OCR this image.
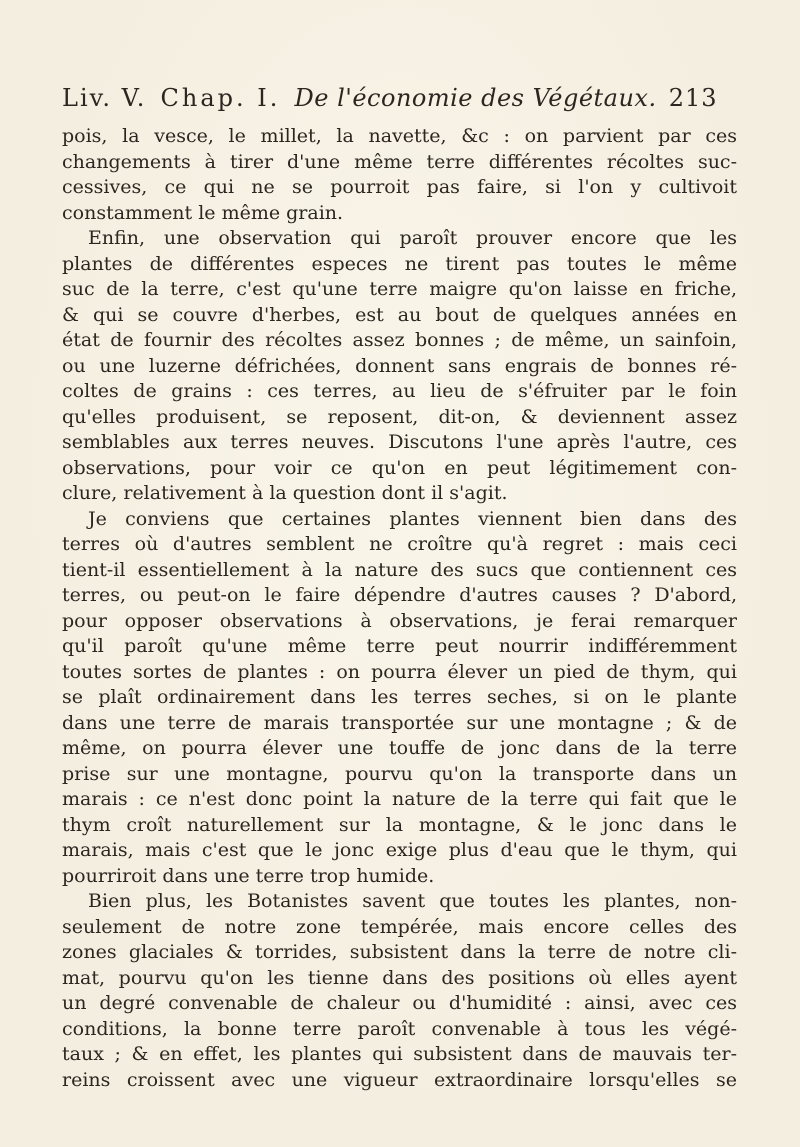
Liv. V. Chap. I. De l'économie des Végétaux. 213
pois, la vesce, le millet, la navette, &c : on parvient par ces
changements à tirer d'une même terre différentes récoltes suc-
cessives, ce qui ne se pourroit pas faire, si l'on y cultivoit
constamment le même grain.
Enfin, une observation qui paroît prouver encore que les
plantes de différentes especes ne tirent pas toutes le même
suc de la terre, c'est qu'une terre maigre qu'on laisse en friche,
& qui se couvre d'herbes, est au bout de quelques années en
état de fournir des récoltes assez bonnes ; de même, un sainfoin,
ou une luzerne défrichées, donnent sans engrais de bonnes ré-
coltes de grains : ces terres, au lieu de s'éfruiter par le foin
qu'elles produisent, se reposent, dit-on, & deviennent assez
semblables aux terres neuves. Discutons l'une après l'autre, ces
observations, pour voir ce qu'on en peut légitimement con-
clure, relativement à la question dont il s'agit.
Je conviens que certaines plantes viennent bien dans des
terres où d'autres semblent ne croître qu'à regret : mais ceci
tient-il essentiellement à la nature des sucs que contiennent ces
terres, ou peut-on le faire dépendre d'autres causes ? D'abord,
pour opposer observations à observations, je ferai remarquer
qu'il paroît qu'une même terre peut nourrir indifféremment
toutes sortes de plantes : on pourra élever un pied de thym, qui
se plaît ordinairement dans les terres seches, si on le plante
dans une terre de marais transportée sur une montagne ; & de
même, on pourra élever une touffe de jonc dans de la terre
prise sur une montagne, pourvu qu'on la transporte dans un
marais : ce n'est donc point la nature de la terre qui fait que le
thym croît naturellement sur la montagne, & le jonc dans le
marais, mais c'est que le jonc exige plus d'eau que le thym, qui
pourriroit dans une terre trop humide.
Bien plus, les Botanistes savent que toutes les plantes, non-
seulement de notre zone tempérée, mais encore celles des
zones glaciales & torrides, subsistent dans la terre de notre cli-
mat, pourvu qu'on les tienne dans des positions où elles ayent
un degré convenable de chaleur ou d'humidité : ainsi, avec ces
conditions, la bonne terre paroît convenable à tous les végé-
taux ; & en effet, les plantes qui subsistent dans de mauvais ter-
reins croissent avec une vigueur extraordinaire lorsqu'elles se
